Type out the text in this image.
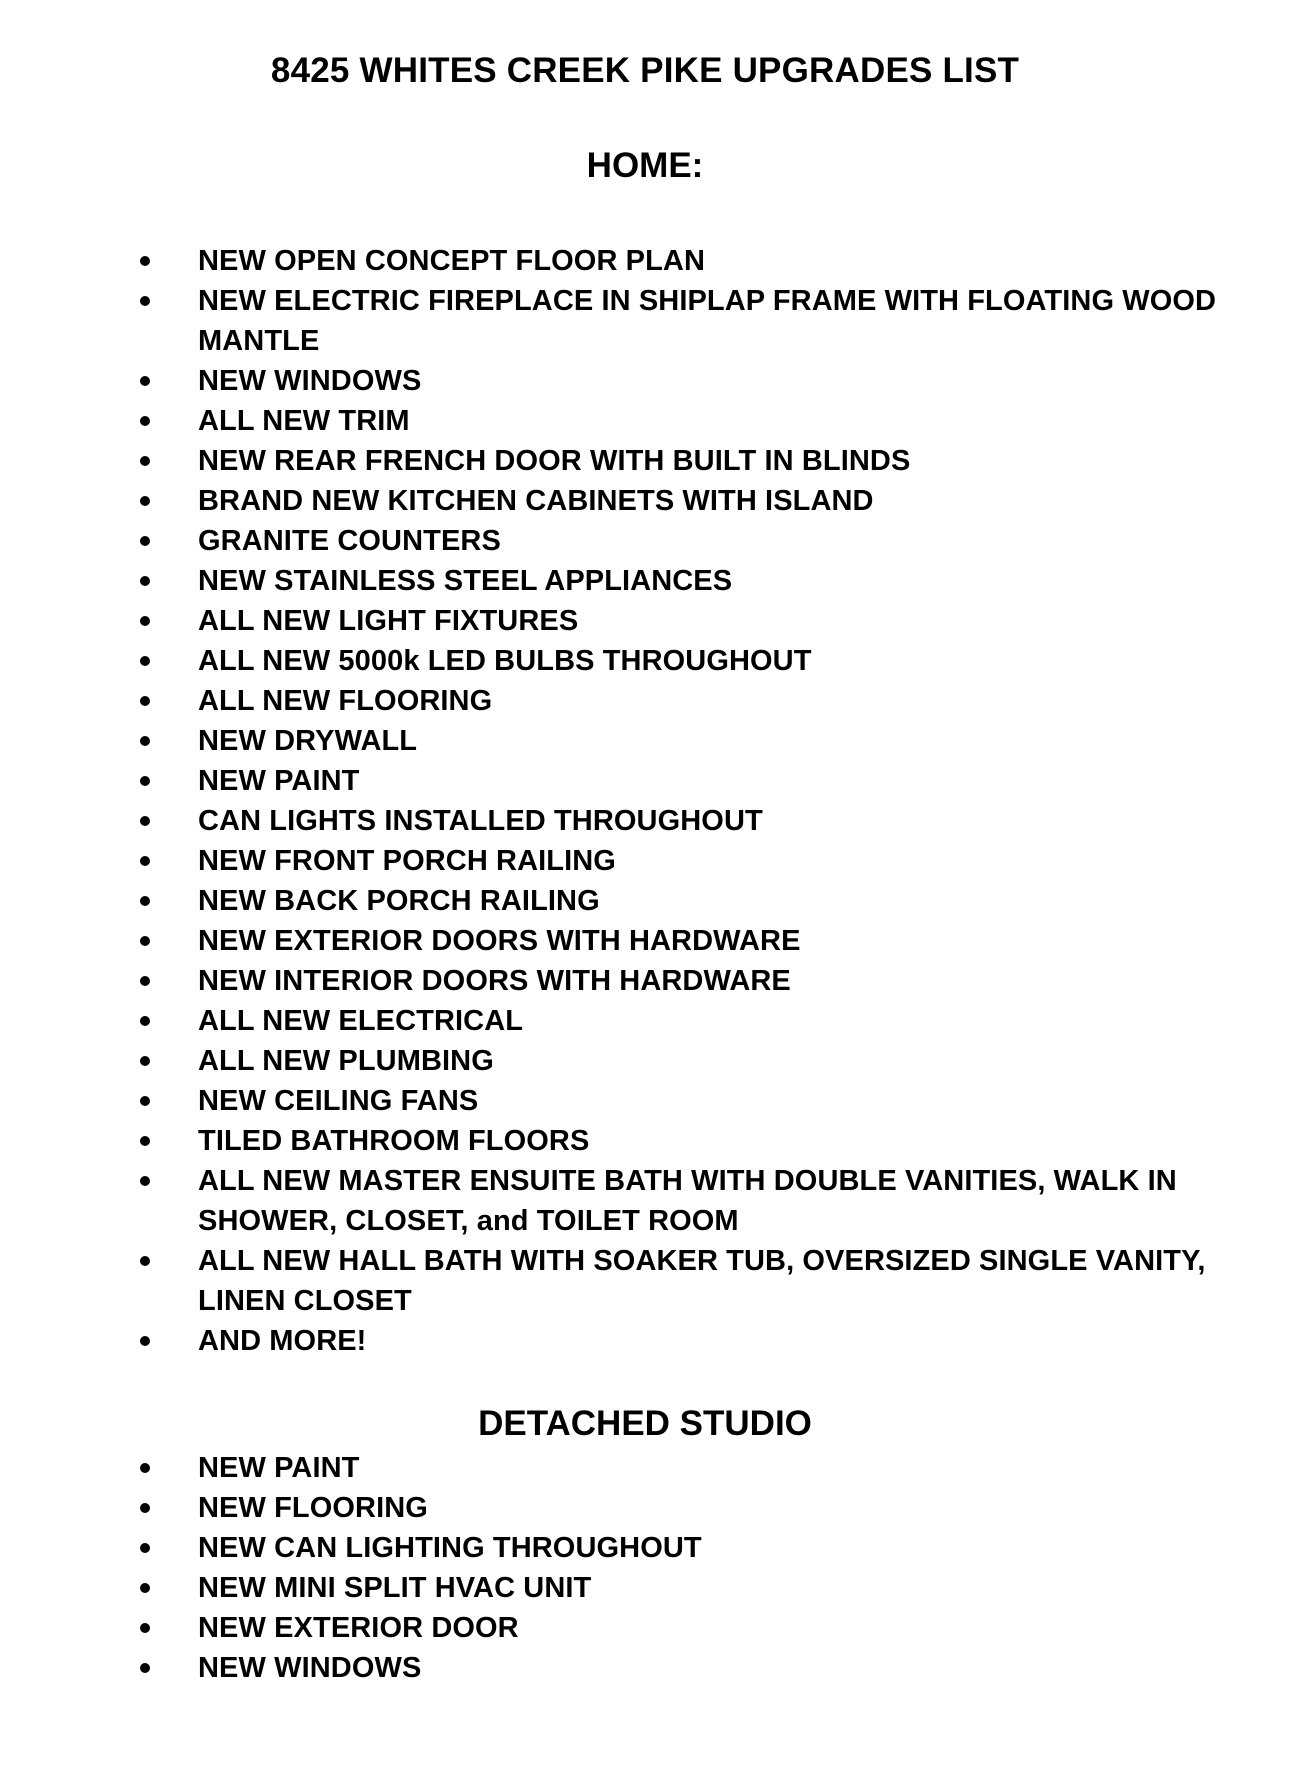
8425 WHITES CREEK PIKE UPGRADES LIST
HOME:
NEW OPEN CONCEPT FLOOR PLAN
NEW ELECTRIC FIREPLACE IN SHIPLAP FRAME WITH FLOATING WOOD MANTLE
NEW WINDOWS
ALL NEW TRIM
NEW REAR FRENCH DOOR WITH BUILT IN BLINDS
BRAND NEW KITCHEN CABINETS WITH ISLAND
GRANITE COUNTERS
NEW STAINLESS STEEL APPLIANCES
ALL NEW LIGHT FIXTURES
ALL NEW 5000k LED BULBS THROUGHOUT
ALL NEW FLOORING
NEW DRYWALL
NEW PAINT
CAN LIGHTS INSTALLED THROUGHOUT
NEW FRONT PORCH RAILING
NEW BACK PORCH RAILING
NEW EXTERIOR DOORS WITH HARDWARE
NEW INTERIOR DOORS WITH HARDWARE
ALL NEW ELECTRICAL
ALL NEW PLUMBING
NEW CEILING FANS
TILED BATHROOM FLOORS
ALL NEW MASTER ENSUITE BATH WITH DOUBLE VANITIES, WALK IN SHOWER, CLOSET, and TOILET ROOM
ALL NEW HALL BATH WITH SOAKER TUB, OVERSIZED SINGLE VANITY, LINEN CLOSET
AND MORE!
DETACHED STUDIO
NEW PAINT
NEW FLOORING
NEW CAN LIGHTING THROUGHOUT
NEW MINI SPLIT HVAC UNIT
NEW EXTERIOR DOOR
NEW WINDOWS
